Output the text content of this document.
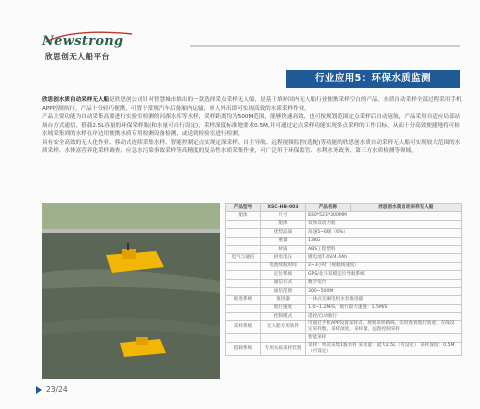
Newstrong
欣思创无人船平台
行业应用5：环保水质监测

欣思创水质自动采样无人船是欣思创公司针对智慧城市推出的一款选择采点采样无人船，是基于填补国内无人船行业便携采样空白的产品。水质自动采样全部过程采用手机APP控制执行，产品十分轻巧便携，可置于常规汽车后备厢内运输，单人外出即可实现高效的水质采样作业。

产品主要功能为自动采集高要进行实验室检测的河湖水库等水样，采样距离均为500M范围，能够快速高效、也可按规划范围定点采样后自动返航，产品采用自适应局部站场台方式通信，搭载2.5L容量的环保采样瓶(和水量可自行设定)，采样深度标准地要求0.5M,并可通过定点采样功能实现多点采样的工作目标，从而十分高效便捷地将可检水域采集到的水样在岸边用便携水质专用检测设备检测，或送到检验室进行检测。

具有安全高效的无人化作业、移动式连续采集水样、智能控制定点实现定深采样、自主导航、远程视频监控(选配)等功能的欣思创水质自动采样无人船可实现较大范围的水质采样、水体富营养化采样调查、应急水污染事故采样等高精度的复杂性水质采集作业，可广泛用于环保监管、水利水务政务、第三方水质检测等领域。

产品型号	XSC-HB-003	产品名称	欣思创水质自动采样无人船
船体	尺寸	830*523*300MM	
	船体	双体双动力船	
	优势品质	高速5~6级（6%）	
	重量	13KG	
	材质	ABS工程塑料	
电气与通信	供电电压	锂电池7.4V/4.4Ah	
	电池续航时间	2~3小时（视航线速度）	
	定位系统	GPS/北斗双模定位导航系统	
	通信方式	数字电台	
	通信范围	300~500M	
推进系统	推进器	一体式无刷电机水泵推进器	
	航行速度	1.0~1.2M/S，航行最大速度：1.5M/S	
	控制模式	遥控/自动航行	
采样系统	无人船专用软件	可通过手机APP设置采样点、规划采样路线，实时查看航行轨迹、在线设定采样数、采样深度、采样量，远程控制采样	
		智能采样	
搭载系统	专用水质采样装置	采样：单次采集1瓶水样 采水量：最大2.5L（可设定） 采样深度：0.5M（可设定）	
23/24
